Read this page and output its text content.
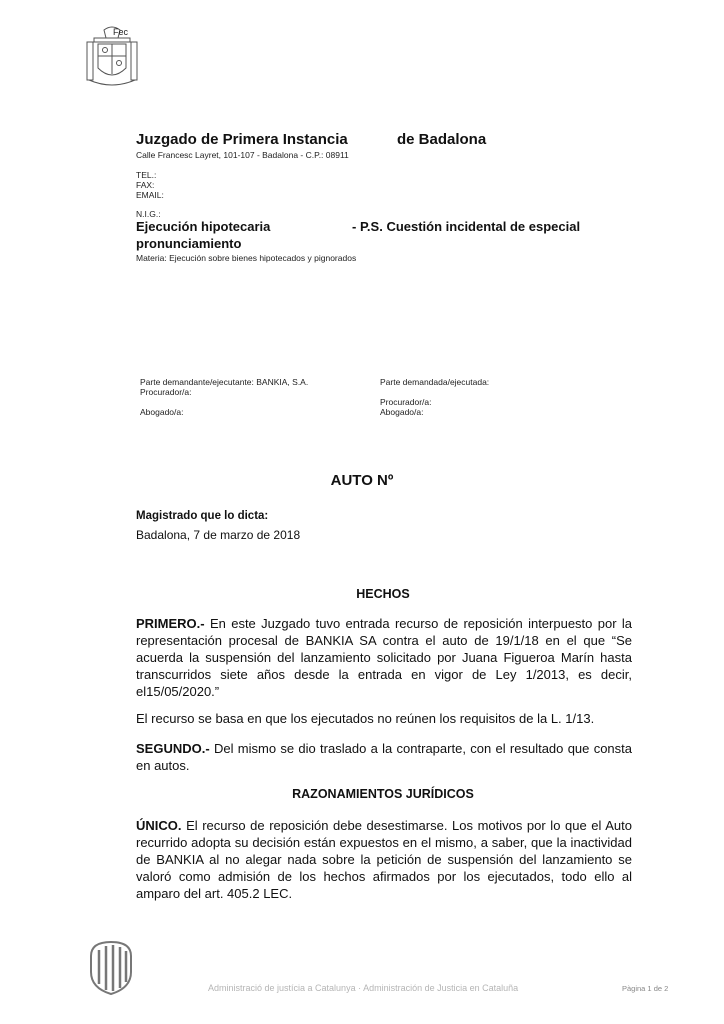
Fec
Juzgado de Primera Instancia	de Badalona
Calle Francesc Layret, 101-107 - Badalona - C.P.: 08911
TEL.:
FAX:
EMAIL:
N.I.G.:
Ejecución hipotecaria	- P.S. Cuestión incidental de especial
pronunciamiento
Materia: Ejecución sobre bienes hipotecados y pignorados
Parte demandante/ejecutante: BANKIA, S.A.
Procurador/a:
Abogado/a:
Parte demandada/ejecutada:
Procurador/a:
Abogado/a:
AUTO Nº
Magistrado que lo dicta:
Badalona, 7 de marzo de 2018
HECHOS
PRIMERO.- En este Juzgado tuvo entrada recurso de reposición interpuesto por la representación procesal de BANKIA SA contra el auto de 19/1/18 en el que “Se acuerda la suspensión del lanzamiento solicitado por Juana Figueroa Marín hasta transcurridos siete años desde la entrada en vigor de Ley 1/2013, es decir, el15/05/2020.”
El recurso se basa en que los ejecutados no reúnen los requisitos de la L. 1/13.
SEGUNDO.- Del mismo se dio traslado a la contraparte, con el resultado que consta en autos.
RAZONAMIENTOS JURÍDICOS
ÚNICO. El recurso de reposición debe desestimarse. Los motivos por lo que el Auto recurrido adopta su decisión están expuestos en el mismo, a saber, que la inactividad de BANKIA al no alegar nada sobre la petición de suspensión del lanzamiento se valoró como admisión de los hechos afirmados por los ejecutados, todo ello al amparo del art. 405.2 LEC.
Administració de justícia a Catalunya · Administración de Justicia en Cataluña	Pàgina 1 de 2
